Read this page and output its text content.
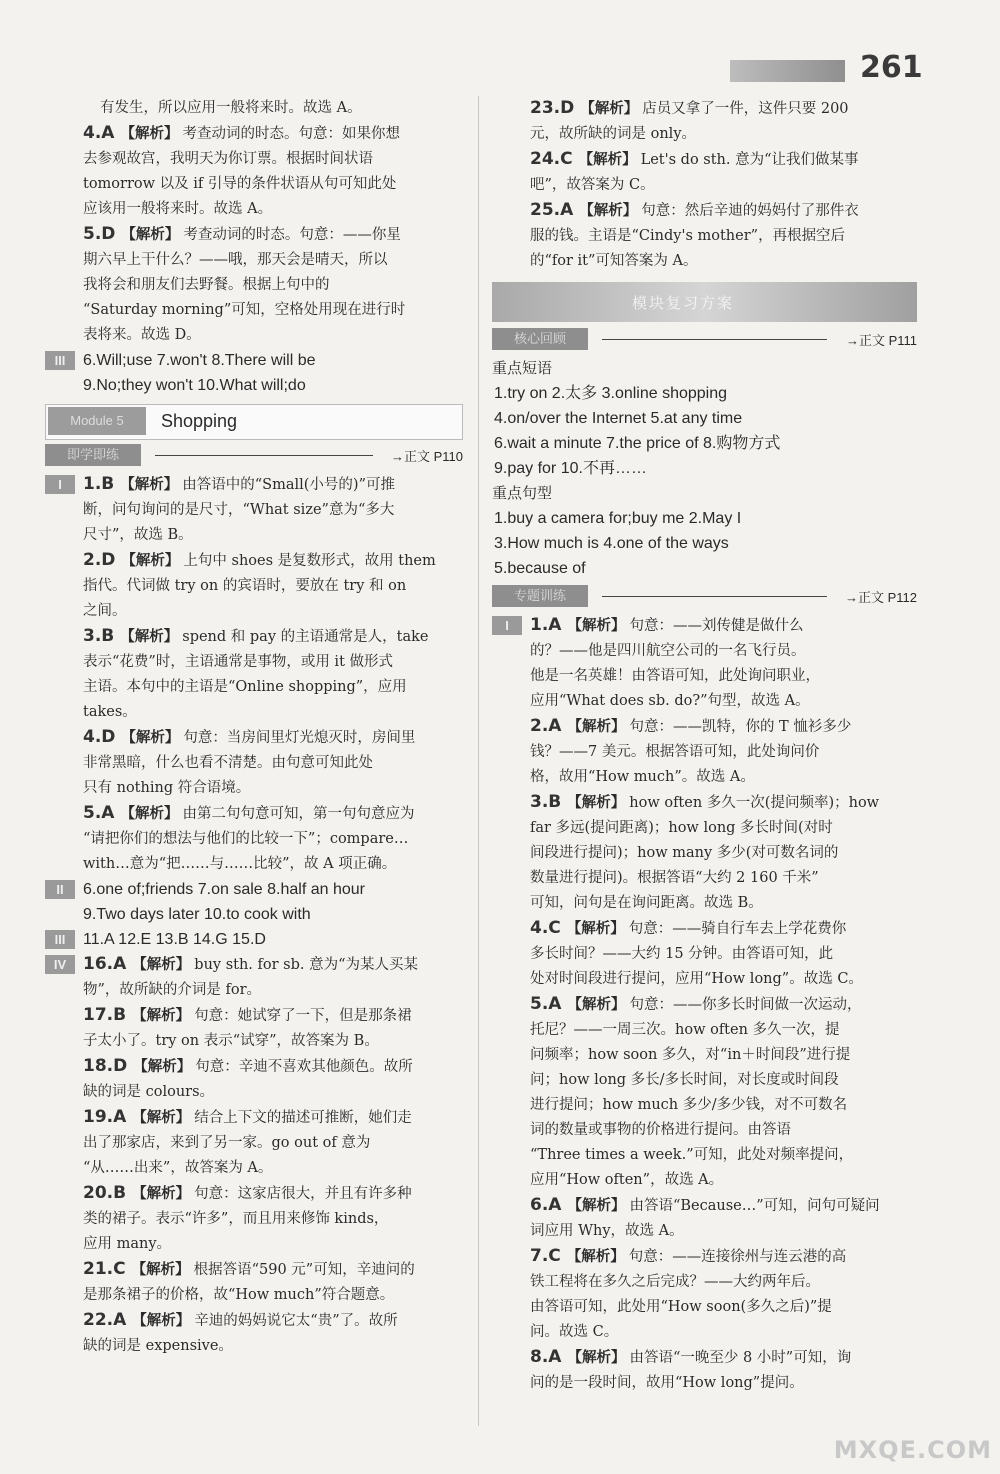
261
有发生，所以应用一般将来时。故选 A。
4.A 【解析】 考查动词的时态。句意：如果你想
去参观故宫，我明天为你订票。根据时间状语
tomorrow 以及 if 引导的条件状语从句可知此处
应该用一般将来时。故选 A。
5.D 【解析】 考查动词的时态。句意：——你星
期六早上干什么？——哦，那天会是晴天，所以
我将会和朋友们去野餐。根据上句中的
“Saturday morning”可知，空格处用现在进行时
表将来。故选 D。
III	6.Will;use 7.won't 8.There will be
9.No;they won't 10.What will;do
Module 5	Shopping
即学即练	→ 正文 P110
I	1.B 【解析】 由答语中的“Small(小号的)”可推
断，问句询问的是尺寸，“What size”意为“多大
尺寸”，故选 B。
2.D 【解析】 上句中 shoes 是复数形式，故用 them
指代。代词做 try on 的宾语时，要放在 try 和 on
之间。
3.B 【解析】 spend 和 pay 的主语通常是人，take
表示“花费”时，主语通常是事物，或用 it 做形式
主语。本句中的主语是“Online shopping”，应用
takes。
4.D 【解析】 句意：当房间里灯光熄灭时，房间里
非常黑暗，什么也看不清楚。由句意可知此处
只有 nothing 符合语境。
5.A 【解析】 由第二句句意可知，第一句句意应为
“请把你们的想法与他们的比较一下”；compare…
with…意为“把……与……比较”，故 A 项正确。
II	6.one of;friends 7.on sale 8.half an hour
9.Two days later 10.to cook with
III	11.A 12.E 13.B 14.G 15.D
IV 16.A 【解析】 buy sth. for sb. 意为“为某人买某
物”，故所缺的介词是 for。
17.B 【解析】 句意：她试穿了一下，但是那条裙
子太小了。try on 表示“试穿”，故答案为 B。
18.D 【解析】 句意：辛迪不喜欢其他颜色。故所
缺的词是 colours。
19.A 【解析】 结合上下文的描述可推断，她们走
出了那家店，来到了另一家。go out of 意为
“从……出来”，故答案为 A。
20.B 【解析】 句意：这家店很大，并且有许多种
类的裙子。表示“许多”，而且用来修饰 kinds，
应用 many。
21.C 【解析】 根据答语“590 元”可知，辛迪问的
是那条裙子的价格，故“How much”符合题意。
22.A 【解析】 辛迪的妈妈说它太“贵”了。故所
缺的词是 expensive。
23.D 【解析】 店员又拿了一件，这件只要 200
元，故所缺的词是 only。
24.C 【解析】 Let's do sth. 意为“让我们做某事
吧”，故答案为 C。
25.A 【解析】 句意：然后辛迪的妈妈付了那件衣
服的钱。主语是“Cindy's mother”，再根据空后
的“for it”可知答案为 A。
模块复习方案
核心回顾	→ 正文 P111

重点短语

1.try on 2.太多 3.online shopping
4.on/over the Internet 5.at any time
6.wait a minute 7.the price of 8.购物方式
9.pay for 10.不再……

重点句型

1.buy a camera for;buy me 2.May I
3.How much is 4.one of the ways
5.because of
专题训练	→ 正文 P112
I	1.A 【解析】 句意：——刘传健是做什么
的？——他是四川航空公司的一名飞行员。
他是一名英雄！由答语可知，此处询问职业，
应用“What does sb. do?”句型，故选 A。
2.A 【解析】 句意：——凯特，你的 T 恤衫多少
钱？——7 美元。根据答语可知，此处询问价
格，故用“How much”。故选 A。
3.B 【解析】 how often 多久一次(提问频率)；how
far 多远(提问距离)；how long 多长时间(对时
间段进行提问)；how many 多少(对可数名词的
数量进行提问)。根据答语“大约 2 160 千米”
可知，问句是在询问距离。故选 B。
4.C 【解析】 句意：——骑自行车去上学花费你
多长时间？——大约 15 分钟。由答语可知，此
处对时间段进行提问，应用“How long”。故选 C。
5.A 【解析】 句意：——你多长时间做一次运动，
托尼？——一周三次。how often 多久一次，提
问频率；how soon 多久，对“in＋时间段”进行提
问；how long 多长/多长时间，对长度或时间段
进行提问；how much 多少/多少钱，对不可数名
词的数量或事物的价格进行提问。由答语
“Three times a week.”可知，此处对频率提问，
应用“How often”，故选 A。
6.A 【解析】 由答语“Because…”可知，问句可疑问
词应用 Why，故选 A。
7.C 【解析】 句意：——连接徐州与连云港的高
铁工程将在多久之后完成？——大约两年后。
由答语可知，此处用“How soon(多久之后)”提
问。故选 C。
8.A 【解析】 由答语“一晚至少 8 小时”可知，询
问的是一段时间，故用“How long”提问。
MXQE.COM
